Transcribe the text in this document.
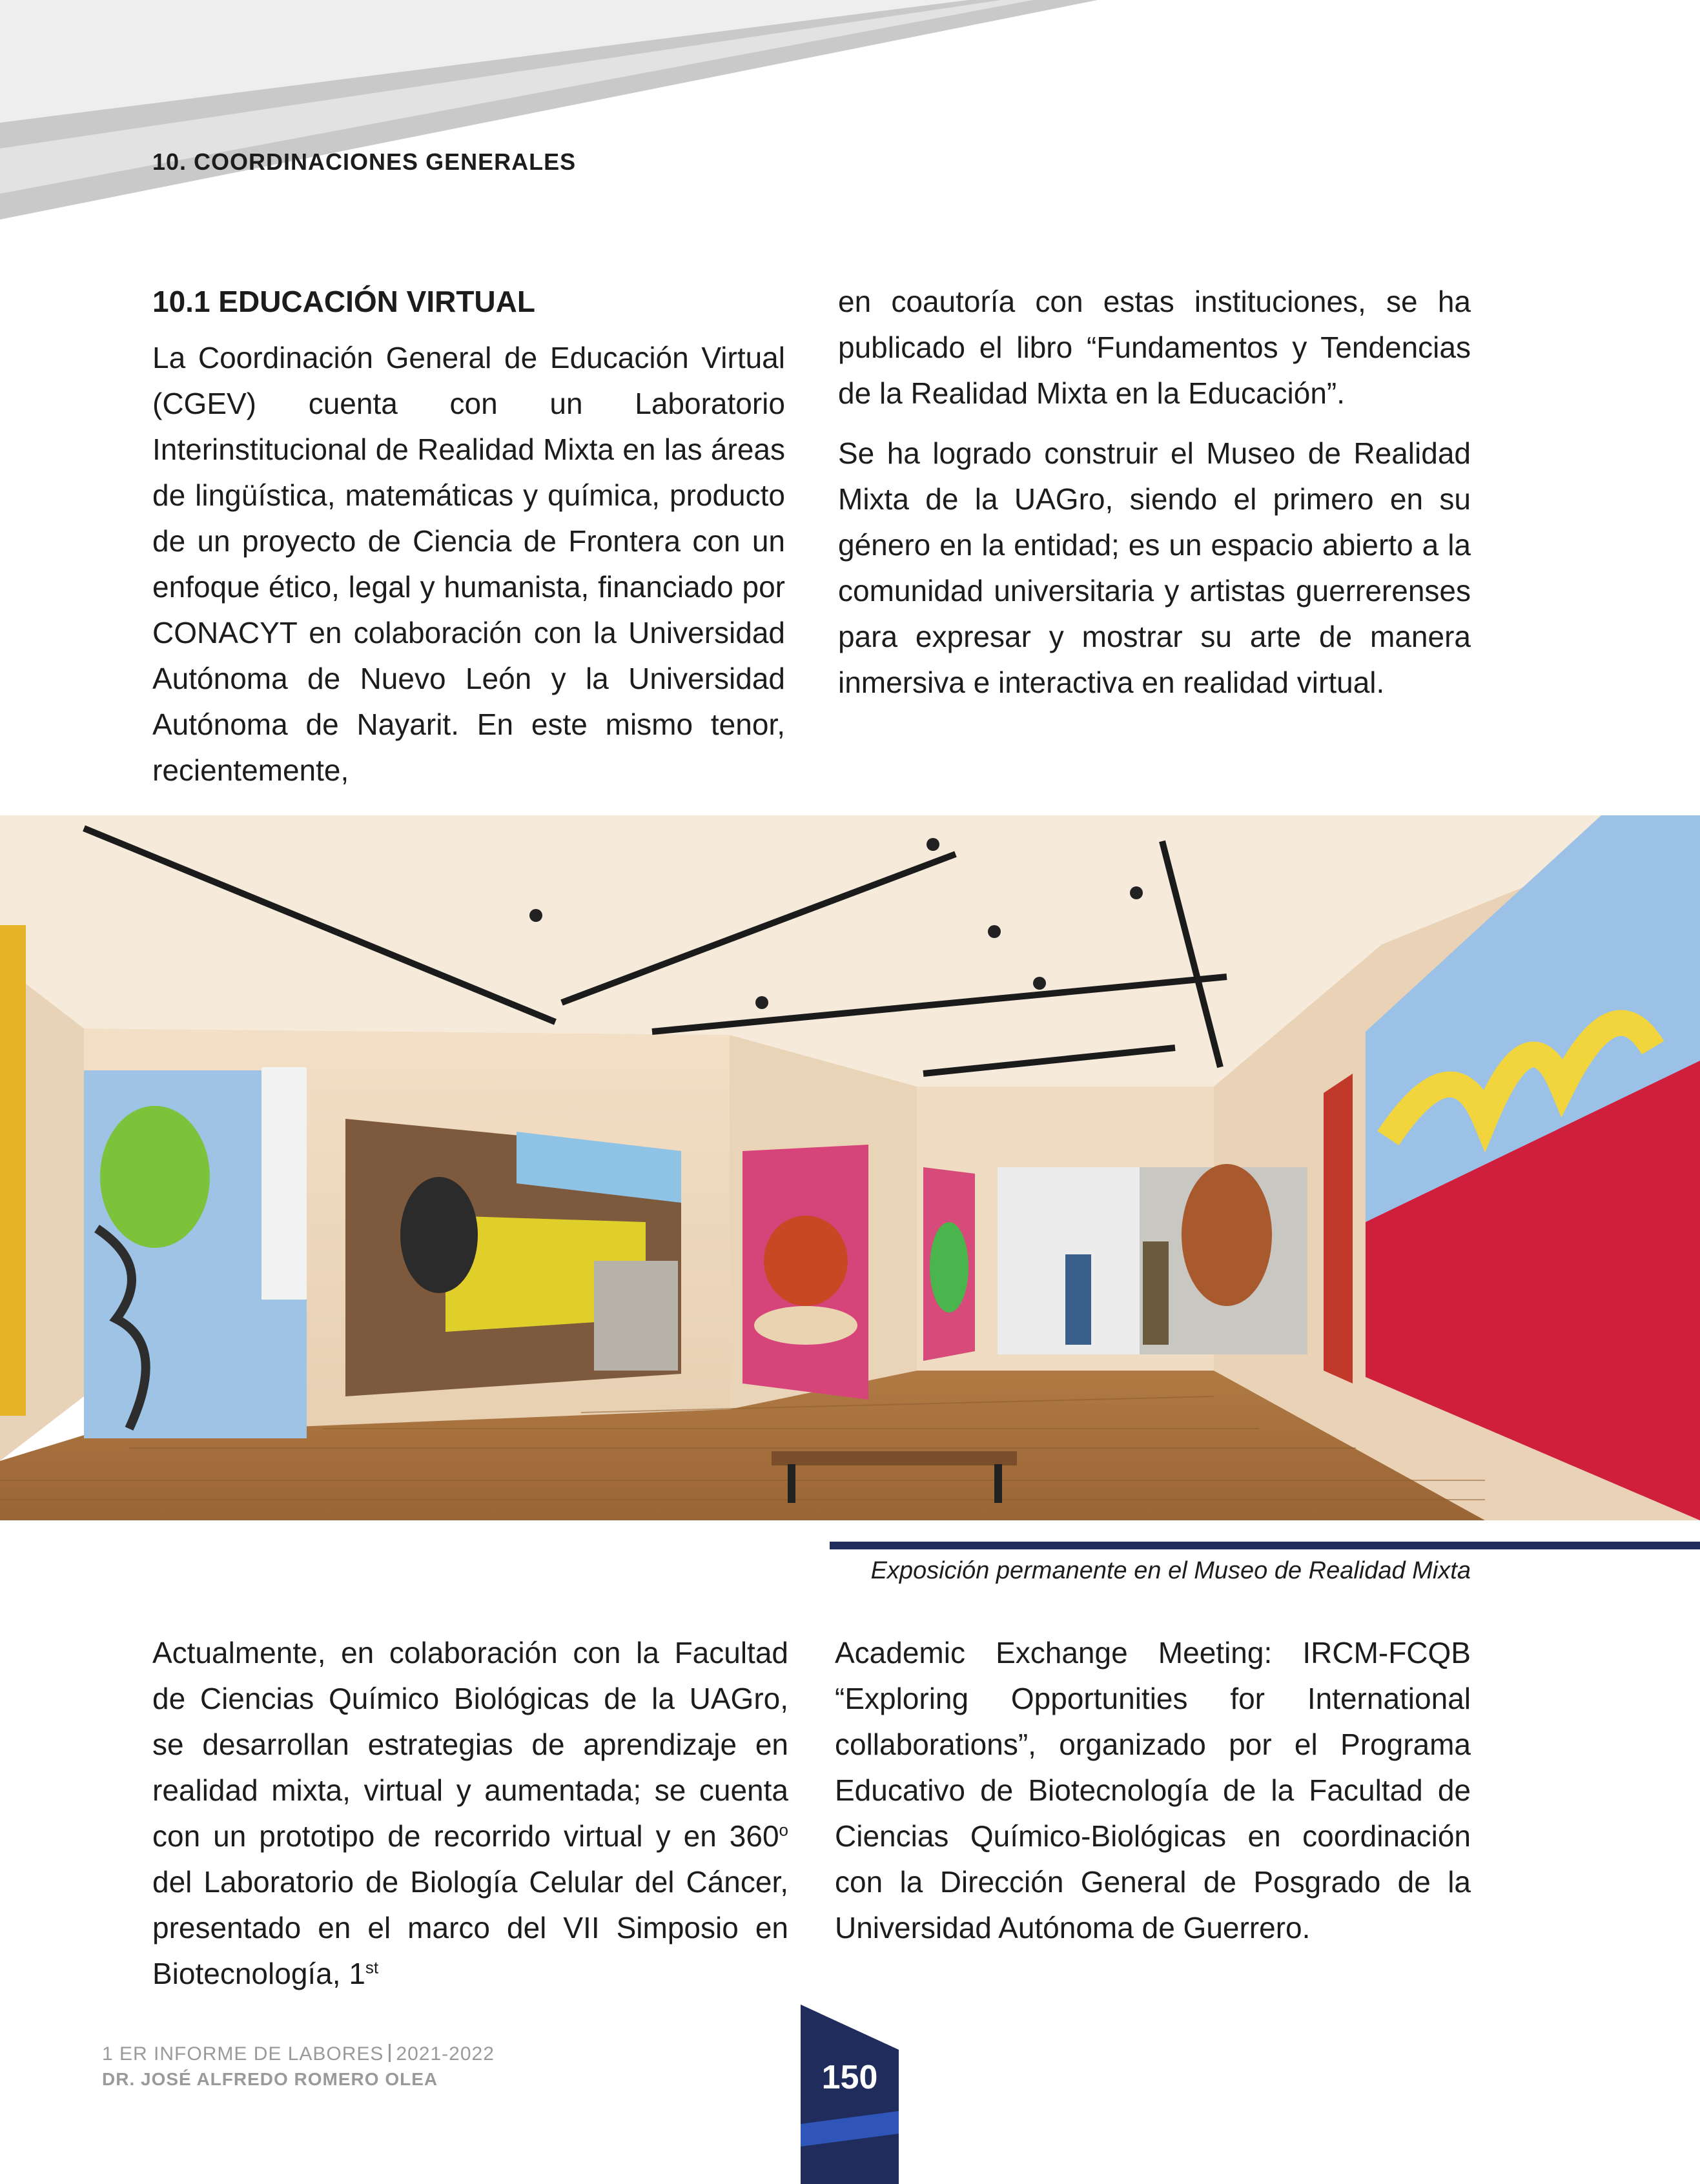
10. COORDINACIONES GENERALES
10.1 EDUCACIÓN VIRTUAL

La Coordinación General de Educación Virtual (CGEV) cuenta con un Laboratorio Interinstitucional de Realidad Mixta en las áreas de lingüística, matemáticas y química, producto de un proyecto de Ciencia de Frontera con un enfoque ético, legal y humanista, financiado por CONACYT en colaboración con la Universidad Autónoma de Nuevo León y la Universidad Autónoma de Nayarit. En este mismo tenor, recientemente,

en coautoría con estas instituciones, se ha publicado el libro “Fundamentos y Tendencias de la Realidad Mixta en la Educación”.

Se ha logrado construir el Museo de Realidad Mixta de la UAGro, siendo el primero en su género en la entidad; es un espacio abierto a la comunidad universitaria y artistas guerrerenses para expresar y mostrar su arte de manera inmersiva e interactiva en realidad virtual.

Exposición permanente en el Museo de Realidad Mixta

Actualmente, en colaboración con la Facultad de Ciencias Químico Biológicas de la UAGro, se desarrollan estrategias de aprendizaje en realidad mixta, virtual y aumentada; se cuenta con un prototipo de recorrido virtual y en 360$^o$ del Laboratorio de Biología Celular del Cáncer, presentado en el marco del VII Simposio en Biotecnología, 1st

Academic Exchange Meeting: IRCM-FCQB “Exploring Opportunities for International collaborations”, organizado por el Programa Educativo de Biotecnología de la Facultad de Ciencias Químico-Biológicas en coordinación con la Dirección General de Posgrado de la Universidad Autónoma de Guerrero.

1 ER INFORME DE LABORES 2021-2022
DR. JOSÉ ALFREDO ROMERO OLEA	150
